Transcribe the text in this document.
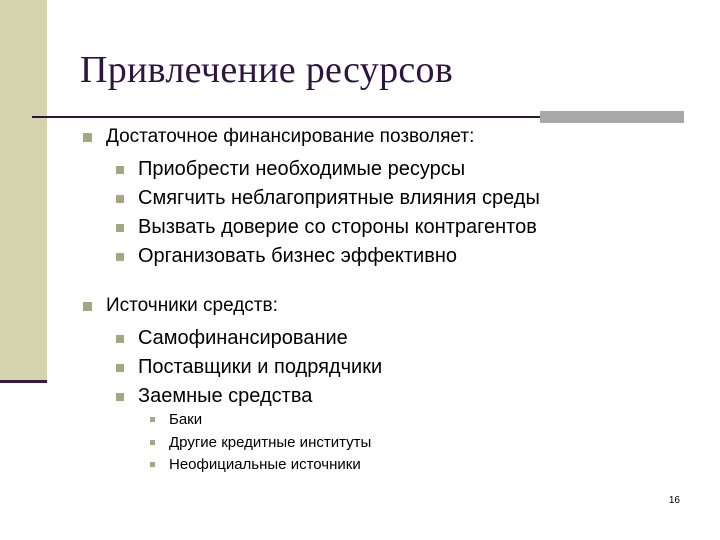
Привлечение ресурсов
Достаточное финансирование позволяет:
Приобрести необходимые ресурсы
Смягчить неблагоприятные влияния среды
Вызвать доверие со стороны контрагентов
Организовать бизнес эффективно
Источники средств:
Самофинансирование
Поставщики и подрядчики
Заемные средства
Баки
Другие кредитные институты
Неофициальные источники
16
